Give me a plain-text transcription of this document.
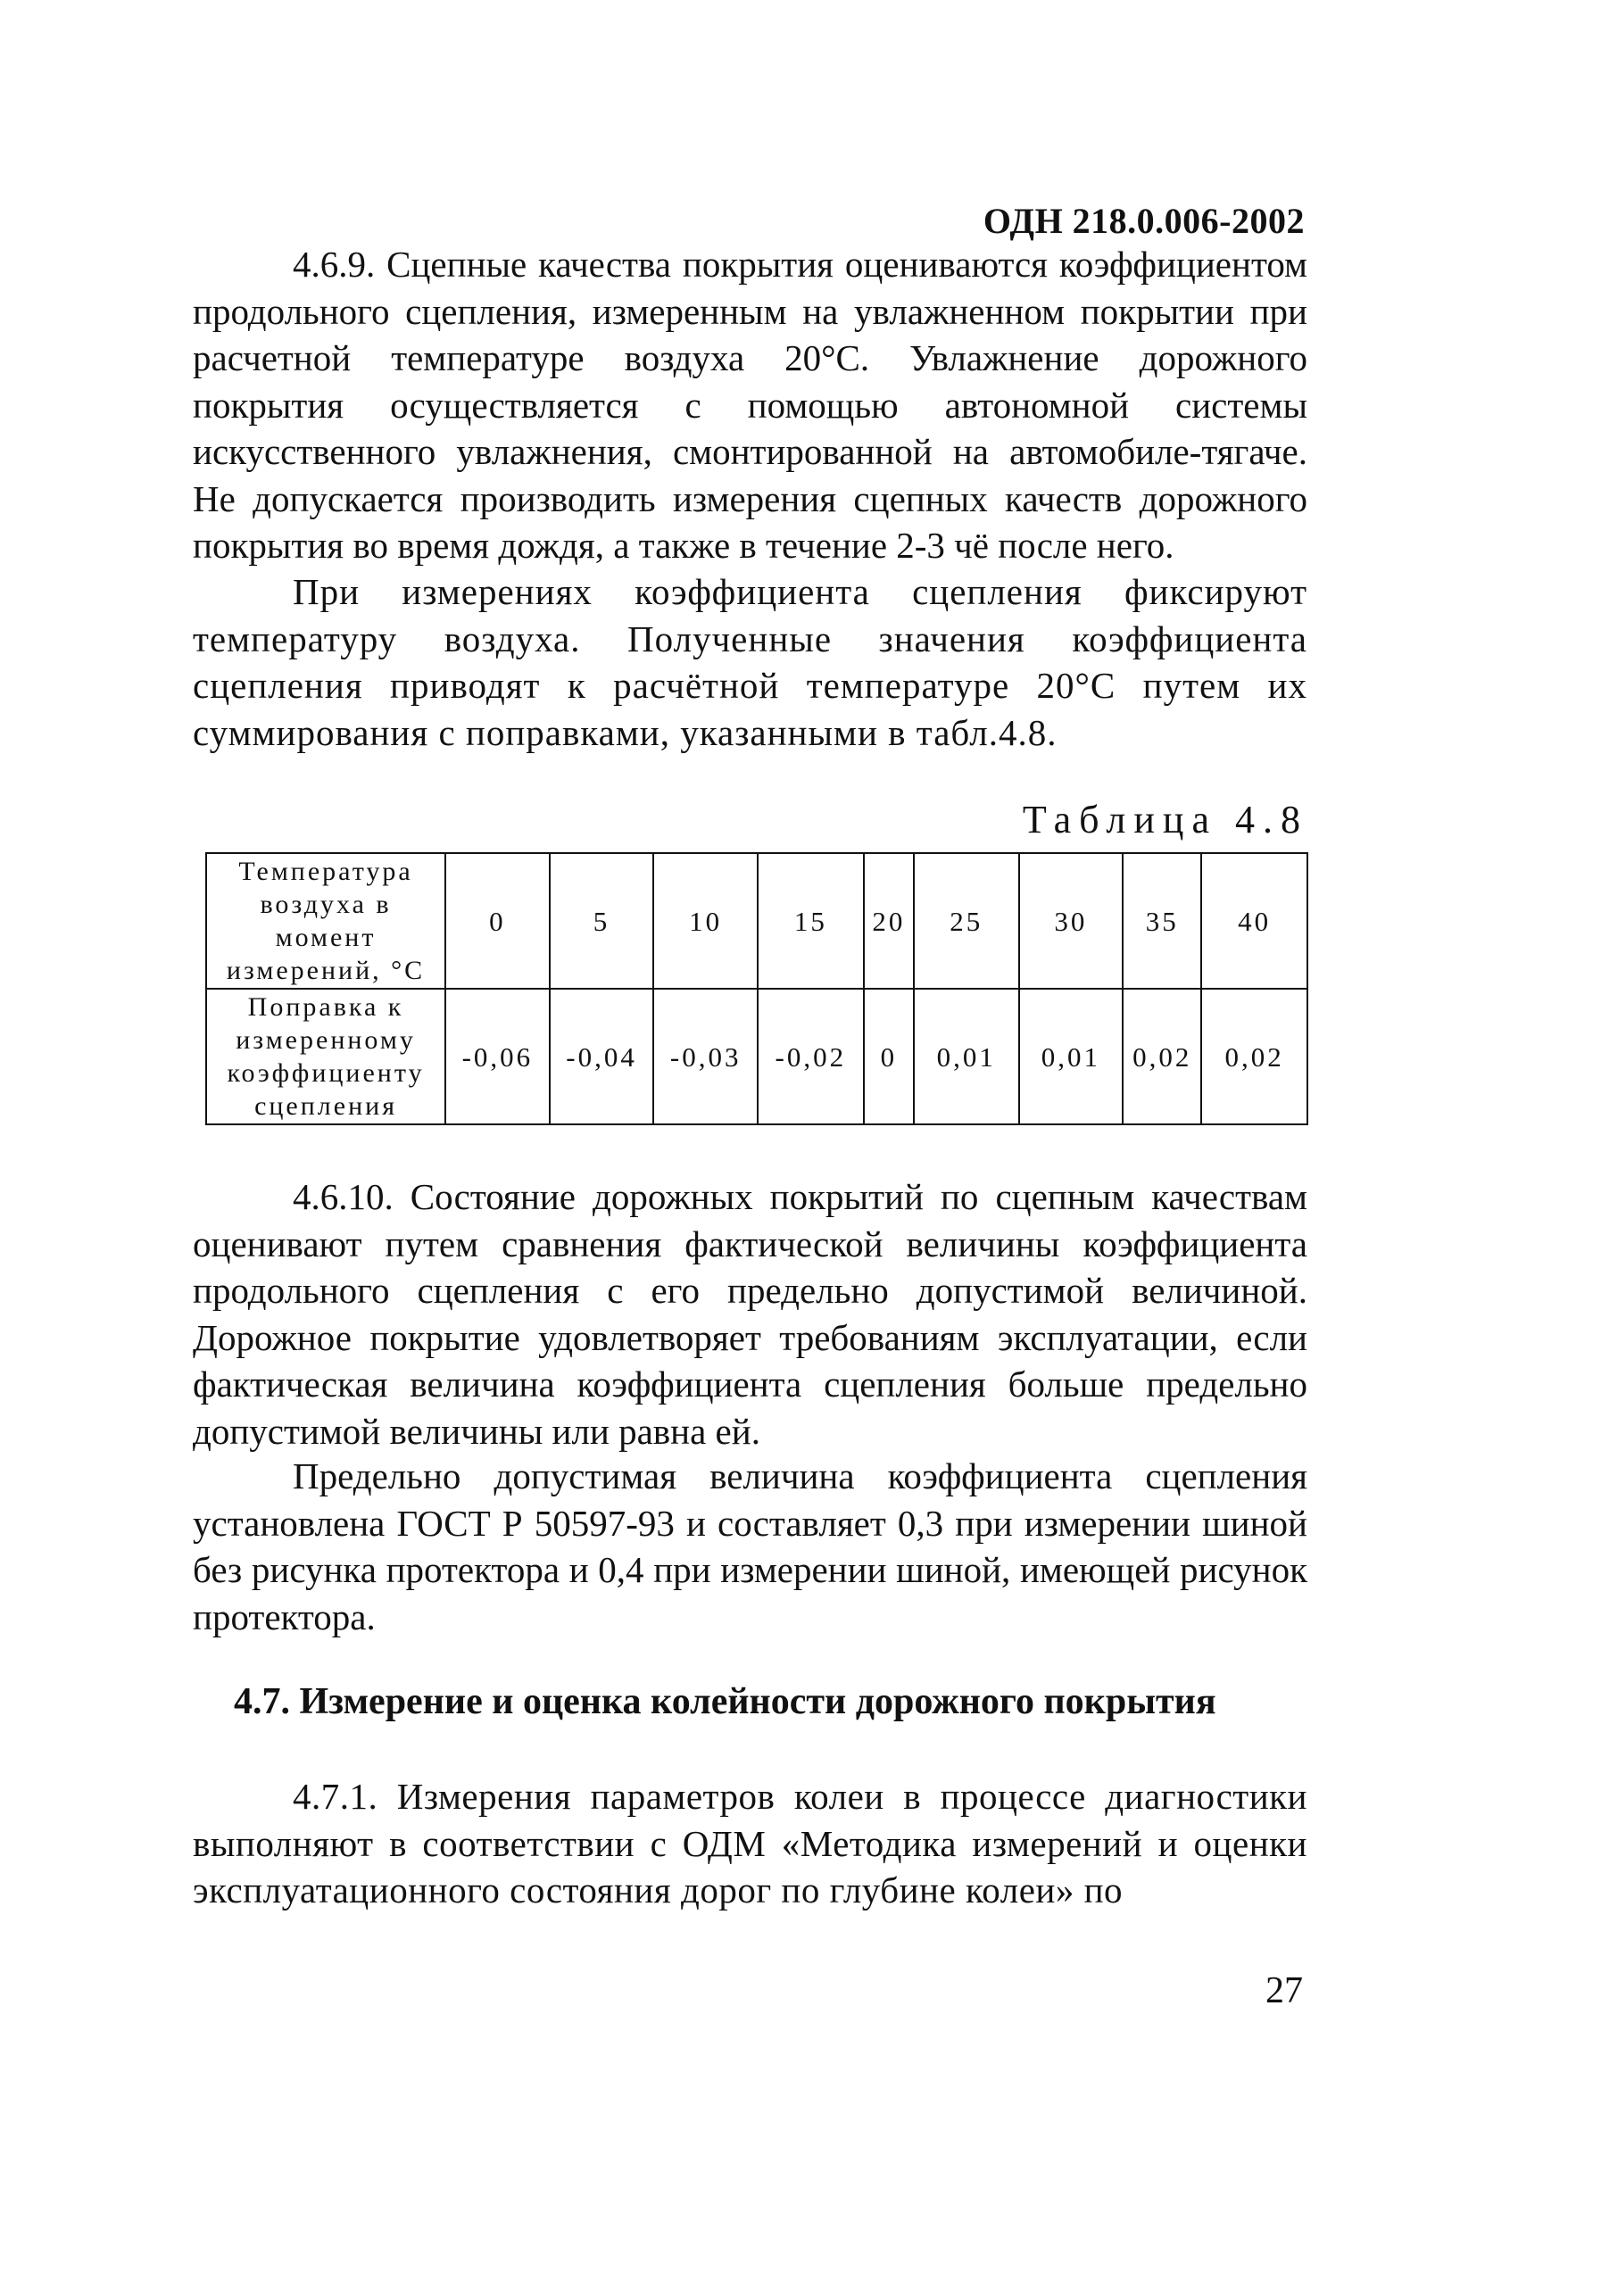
ОДН 218.0.006-2002

4.6.9. Сцепные качества покрытия оцениваются коэффициентом продольного сцепления, измеренным на увлажненном покрытии при расчетной температуре воздуха 20°С. Увлажнение дорожного покрытия осуществляется с помощью автономной системы искусственного увлажнения, смонтированной на автомобиле-тягаче. Не допускается производить измерения сцепных качеств дорожного покрытия во время дождя, а также в течение 2-3 чё после него.

При измерениях коэффициента сцепления фиксируют температуру воздуха. Полученные значения коэффициента сцепления приводят к расчётной температуре 20°С путем их суммирования с поправками, указанными в табл.4.8.

Таблица 4.8
Температура воздуха в момент измерений, °С	0	5	10	15	20	25	30	35	40
Поправка к измеренному коэффициенту сцепления	-0,06	-0,04	-0,03	-0,02	0	0,01	0,01	0,02	0,02

4.6.10. Состояние дорожных покрытий по сцепным качествам оценивают путем сравнения фактической величины коэффициента продольного сцепления с его предельно допустимой величиной. Дорожное покрытие удовлетворяет требованиям эксплуатации, если фактическая величина коэффициента сцепления больше предельно допустимой величины или равна ей.

Предельно допустимая величина коэффициента сцепления установлена ГОСТ Р 50597-93 и составляет 0,3 при измерении шиной без рисунка протектора и 0,4 при измерении шиной, имеющей рисунок протектора.

4.7. Измерение и оценка колейности дорожного покрытия

4.7.1. Измерения параметров колеи в процессе диагностики выполняют в соответствии с ОДМ «Методика измерений и оценки эксплуатационного состояния дорог по глубине колеи» по

27
